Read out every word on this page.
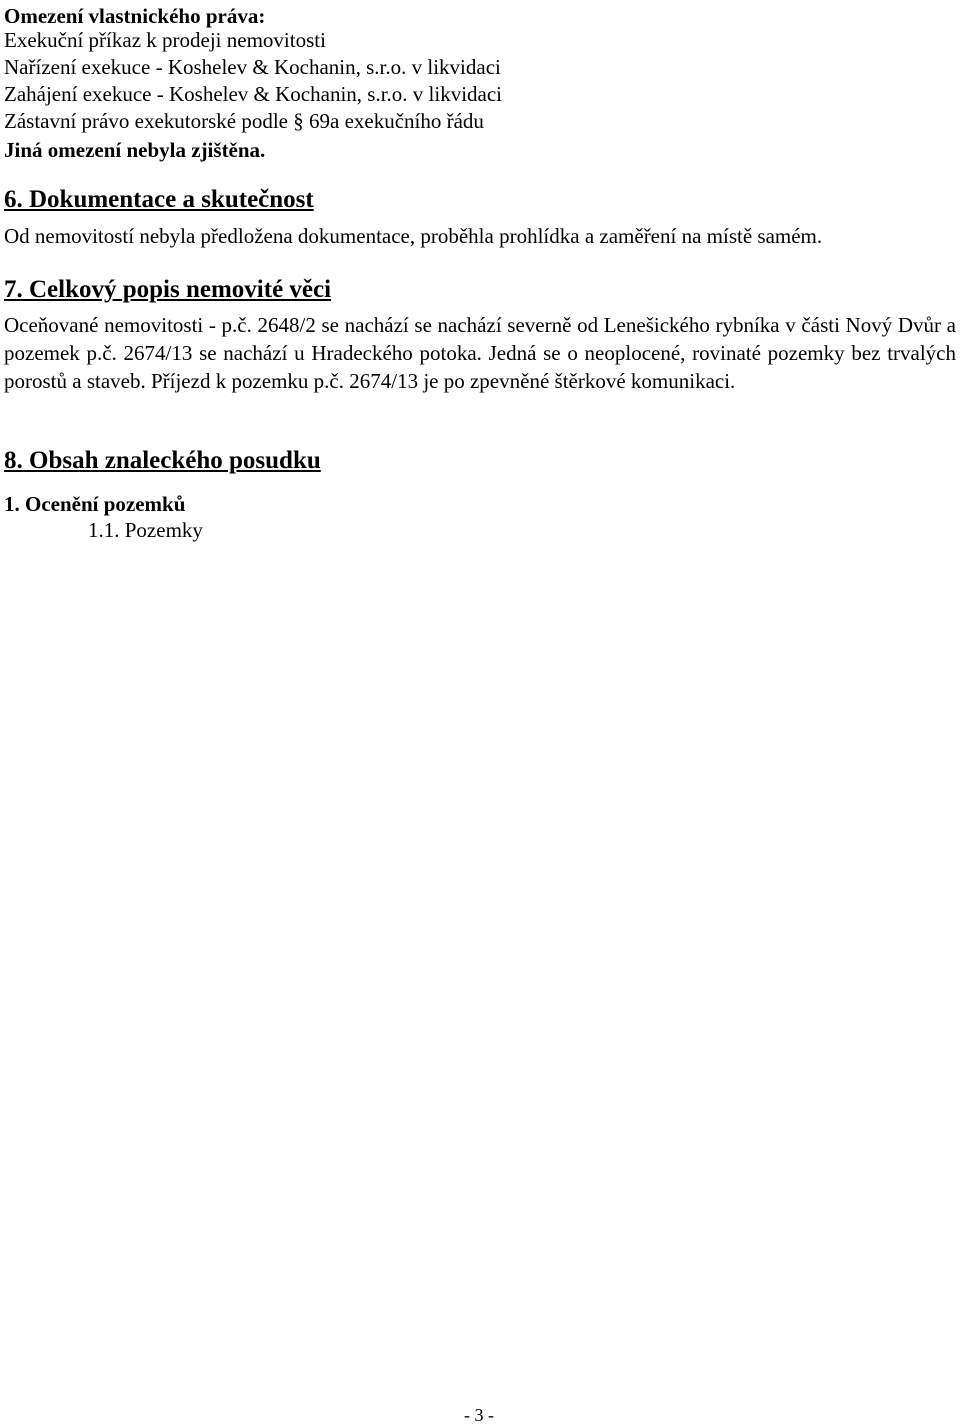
Omezení vlastnického práva:
Exekuční příkaz k prodeji nemovitosti
Nařízení exekuce - Koshelev & Kochanin, s.r.o. v likvidaci
Zahájení exekuce - Koshelev & Kochanin, s.r.o. v likvidaci
Zástavní právo exekutorské podle § 69a exekučního řádu
Jiná omezení nebyla zjištěna.
6. Dokumentace a skutečnost
Od nemovitostí nebyla předložena dokumentace, proběhla prohlídka a zaměření na místě samém.
7. Celkový popis nemovité věci
Oceňované nemovitosti - p.č. 2648/2 se nachází se nachází severně od Lenešického rybníka v části Nový Dvůr a pozemek p.č. 2674/13 se nachází u Hradeckého potoka. Jedná se o neoplocené, rovinaté pozemky bez trvalých porostů a staveb. Příjezd k pozemku p.č. 2674/13 je po zpevněné štěrkové komunikaci.
8. Obsah znaleckého posudku
1. Ocenění pozemků
1.1. Pozemky
- 3 -
